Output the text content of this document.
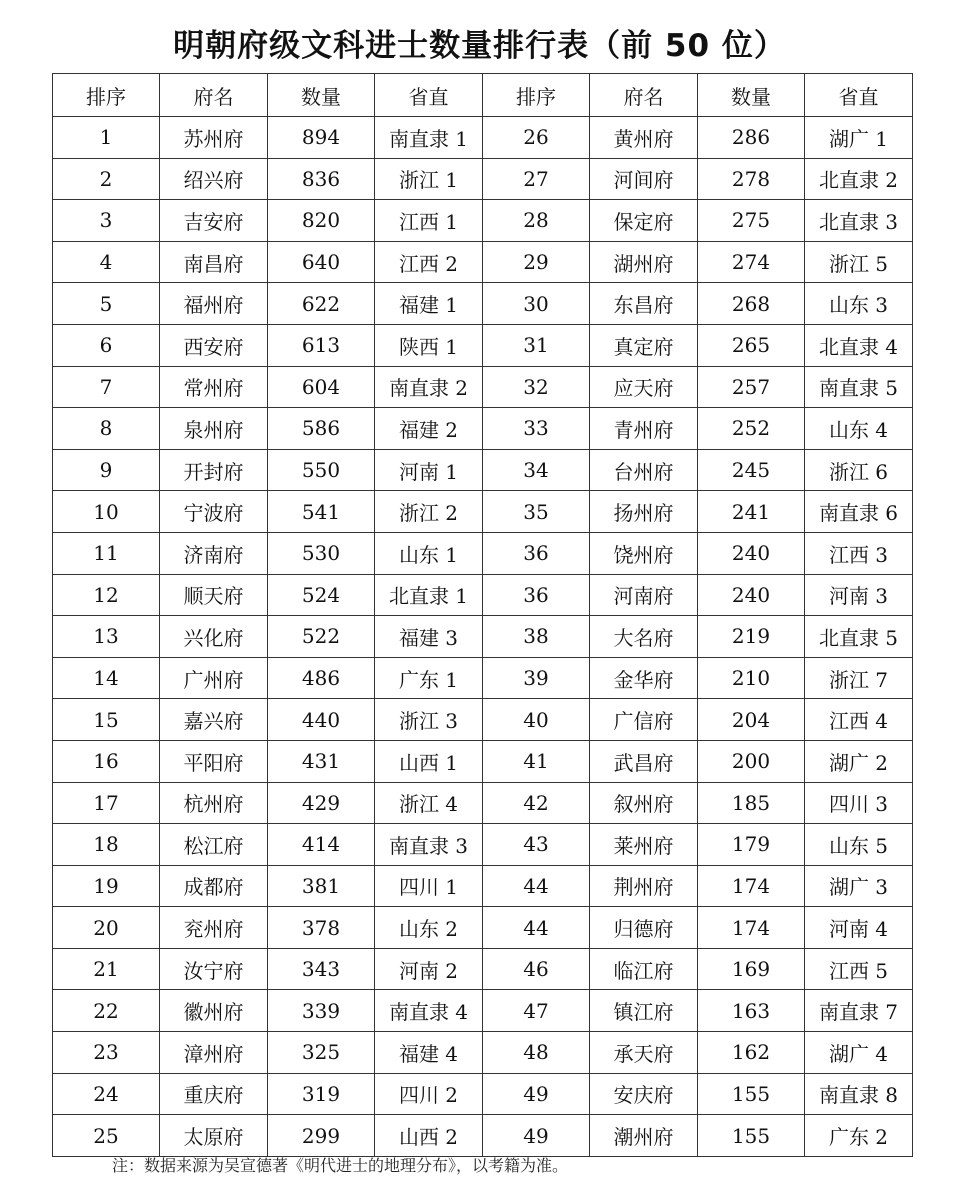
明朝府级文科进士数量排行表（前 50 位）
排序	府名	数量	省直	排序	府名	数量	省直
1	苏州府	894	南直隶 1	26	黄州府	286	湖广 1
2	绍兴府	836	浙江 1	27	河间府	278	北直隶 2
3	吉安府	820	江西 1	28	保定府	275	北直隶 3
4	南昌府	640	江西 2	29	湖州府	274	浙江 5
5	福州府	622	福建 1	30	东昌府	268	山东 3
6	西安府	613	陕西 1	31	真定府	265	北直隶 4
7	常州府	604	南直隶 2	32	应天府	257	南直隶 5
8	泉州府	586	福建 2	33	青州府	252	山东 4
9	开封府	550	河南 1	34	台州府	245	浙江 6
10	宁波府	541	浙江 2	35	扬州府	241	南直隶 6
11	济南府	530	山东 1	36	饶州府	240	江西 3
12	顺天府	524	北直隶 1	36	河南府	240	河南 3
13	兴化府	522	福建 3	38	大名府	219	北直隶 5
14	广州府	486	广东 1	39	金华府	210	浙江 7
15	嘉兴府	440	浙江 3	40	广信府	204	江西 4
16	平阳府	431	山西 1	41	武昌府	200	湖广 2
17	杭州府	429	浙江 4	42	叙州府	185	四川 3
18	松江府	414	南直隶 3	43	莱州府	179	山东 5
19	成都府	381	四川 1	44	荆州府	174	湖广 3
20	兖州府	378	山东 2	44	归德府	174	河南 4
21	汝宁府	343	河南 2	46	临江府	169	江西 5
22	徽州府	339	南直隶 4	47	镇江府	163	南直隶 7
23	漳州府	325	福建 4	48	承天府	162	湖广 4
24	重庆府	319	四川 2	49	安庆府	155	南直隶 8
25	太原府	299	山西 2	49	潮州府	155	广东 2
注：数据来源为吴宣德著《明代进士的地理分布》，以考籍为准。
